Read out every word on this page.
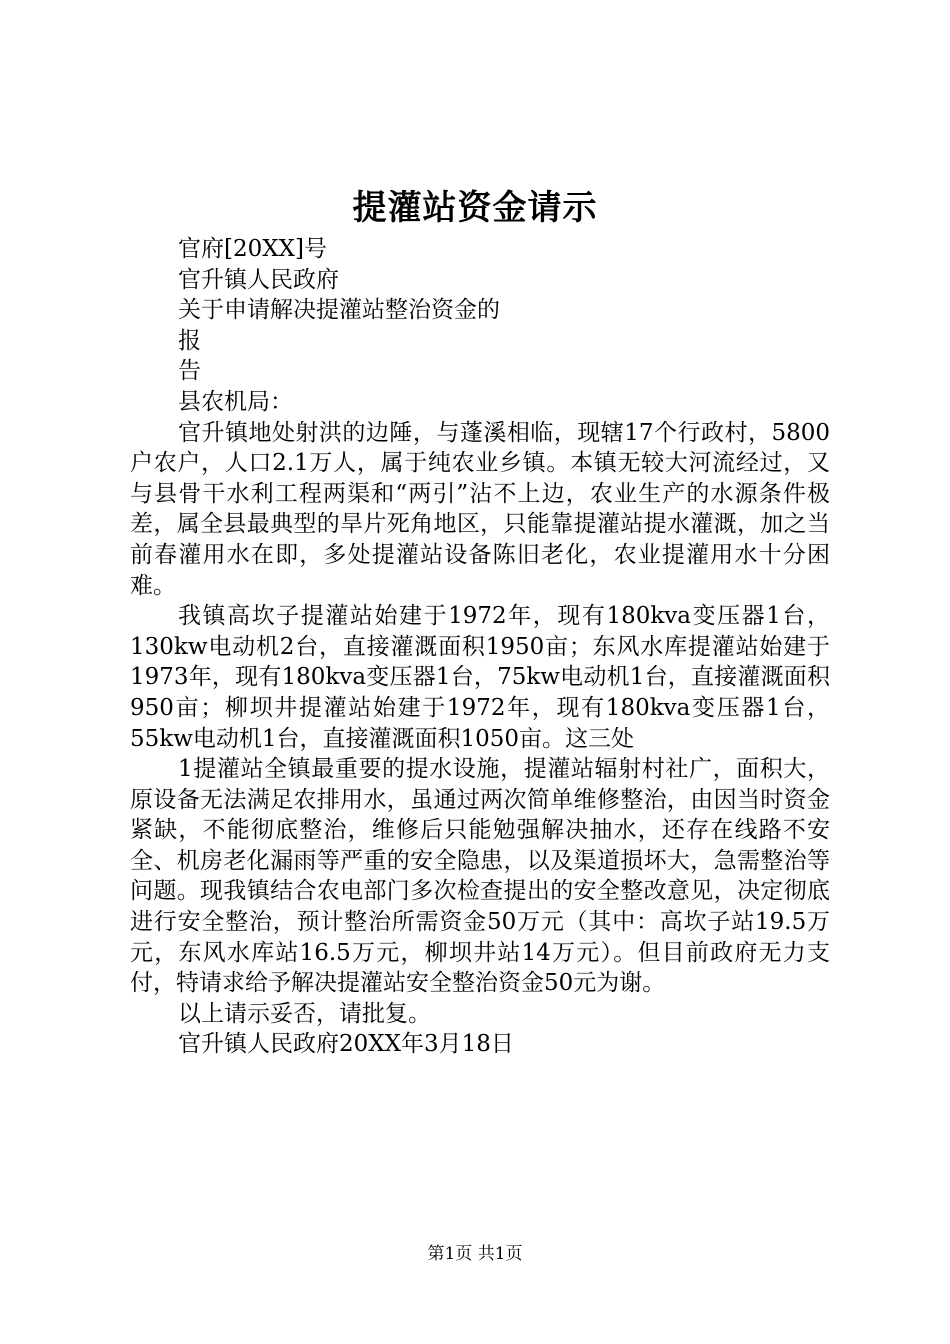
提灌站资金请示
官府[20XX]号
官升镇人民政府
关于申请解决提灌站整治资金的
报
告
县农机局：
官升镇地处射洪的边陲，与蓬溪相临，现辖17个行政村，5800户农户，人口2.1万人，属于纯农业乡镇。本镇无较大河流经过，又与县骨干水利工程两渠和“两引”沾不上边，农业生产的水源条件极差，属全县最典型的旱片死角地区，只能靠提灌站提水灌溉，加之当前春灌用水在即，多处提灌站设备陈旧老化，农业提灌用水十分困难。
我镇高坎子提灌站始建于1972年，现有180kva变压器1台，130kw电动机2台，直接灌溉面积1950亩；东风水库提灌站始建于1973年，现有180kva变压器1台，75kw电动机1台，直接灌溉面积950亩；柳坝井提灌站始建于1972年，现有180kva变压器1台，55kw电动机1台，直接灌溉面积1050亩。这三处
1提灌站全镇最重要的提水设施，提灌站辐射村社广，面积大，原设备无法满足农排用水，虽通过两次简单维修整治，由因当时资金紧缺，不能彻底整治，维修后只能勉强解决抽水，还存在线路不安全、机房老化漏雨等严重的安全隐患，以及渠道损坏大，急需整治等问题。现我镇结合农电部门多次检查提出的安全整改意见，决定彻底进行安全整治，预计整治所需资金50万元（其中：高坎子站19.5万元，东风水库站16.5万元，柳坝井站14万元）。但目前政府无力支付，特请求给予解决提灌站安全整治资金50元为谢。
以上请示妥否，请批复。
官升镇人民政府20XX年3月18日
第1页 共1页
